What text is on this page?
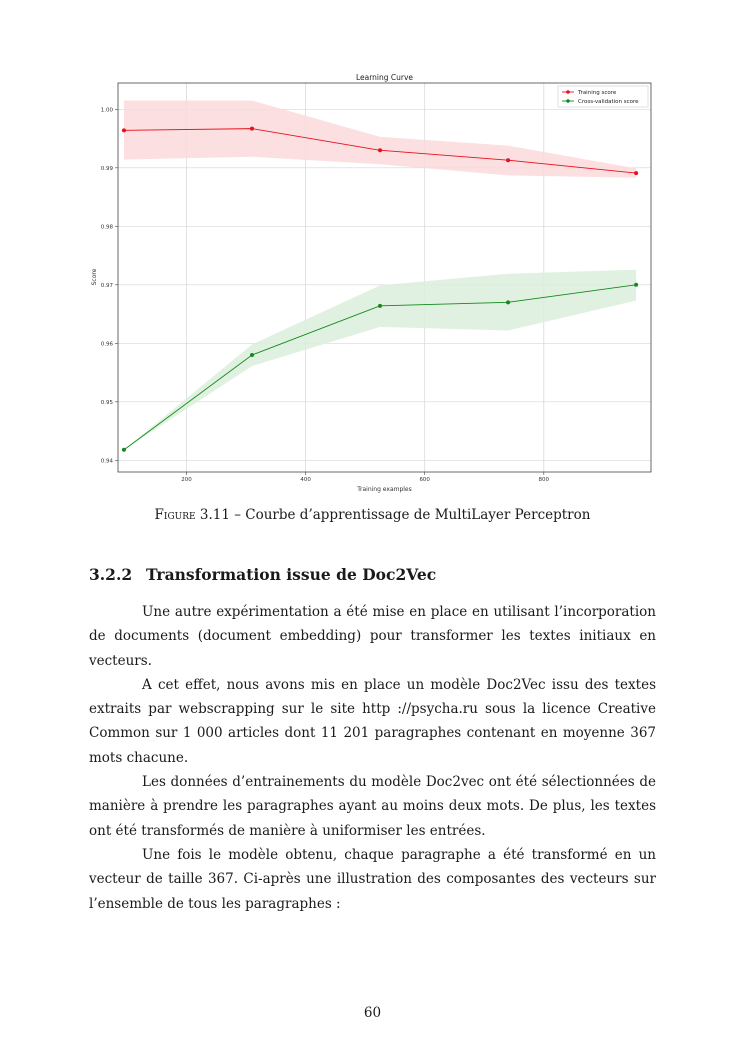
200	400	600	800
0.94
0.95
0.96
0.97
0.98
0.99
1.00
Learning Curve
Training examples
Score
Training score
Cross-validation score
Figure 3.11 – Courbe d’apprentissage de MultiLayer Perceptron
3.2.2 Transformation issue de Doc2Vec

Une autre expérimentation a été mise en place en utilisant l’incorporation de documents (document embedding) pour transformer les textes initiaux en vecteurs.

A cet effet, nous avons mis en place un modèle Doc2Vec issu des textes extraits par webscrapping sur le site http ://psycha.ru sous la licence Creative Common sur 1 000 articles dont 11 201 paragraphes contenant en moyenne 367 mots chacune.

Les données d’entrainements du modèle Doc2vec ont été sélectionnées de manière à prendre les paragraphes ayant au moins deux mots. De plus, les textes ont été transformés de manière à uniformiser les entrées.

Une fois le modèle obtenu, chaque paragraphe a été transformé en un vecteur de taille 367. Ci-après une illustration des composantes des vecteurs sur l’ensemble de tous les paragraphes :

60
